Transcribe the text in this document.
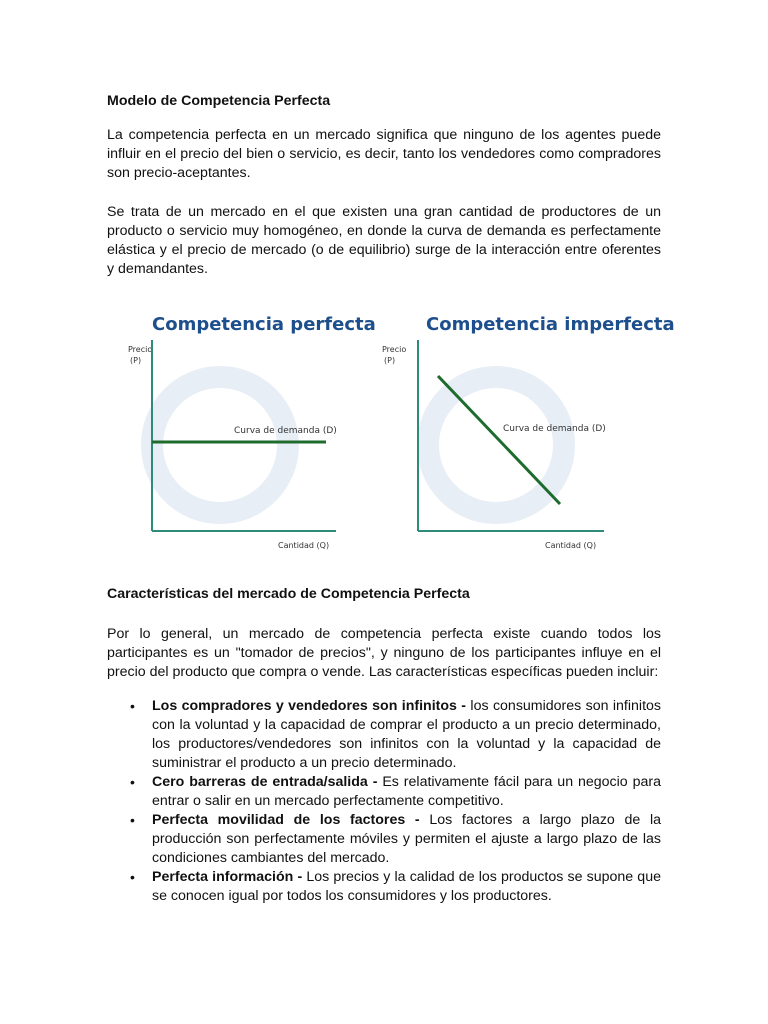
Modelo de Competencia Perfecta

La competencia perfecta en un mercado significa que ninguno de los agentes puede influir en el precio del bien o servicio, es decir, tanto los vendedores como compradores son precio-aceptantes.

Se trata de un mercado en el que existen una gran cantidad de productores de un producto o servicio muy homogéneo, en donde la curva de demanda es perfectamente elástica y el precio de mercado (o de equilibrio) surge de la interacción entre oferentes y demandantes.

Competencia perfecta
Precio
(P)
Curva de demanda (D)
Cantidad (Q)
Competencia imperfecta
Precio
(P)
Curva de demanda (D)
Cantidad (Q)

Características del mercado de Competencia Perfecta

Por lo general, un mercado de competencia perfecta existe cuando todos los participantes es un "tomador de precios", y ninguno de los participantes influye en el precio del producto que compra o vende. Las características específicas pueden incluir:

• Los compradores y vendedores son infinitos - los consumidores son infinitos con la voluntad y la capacidad de comprar el producto a un precio determinado, los productores/vendedores son infinitos con la voluntad y la capacidad de suministrar el producto a un precio determinado.
• Cero barreras de entrada/salida - Es relativamente fácil para un negocio para entrar o salir en un mercado perfectamente competitivo.
• Perfecta movilidad de los factores - Los factores a largo plazo de la producción son perfectamente móviles y permiten el ajuste a largo plazo de las condiciones cambiantes del mercado.
• Perfecta información - Los precios y la calidad de los productos se supone que se conocen igual por todos los consumidores y los productores.
